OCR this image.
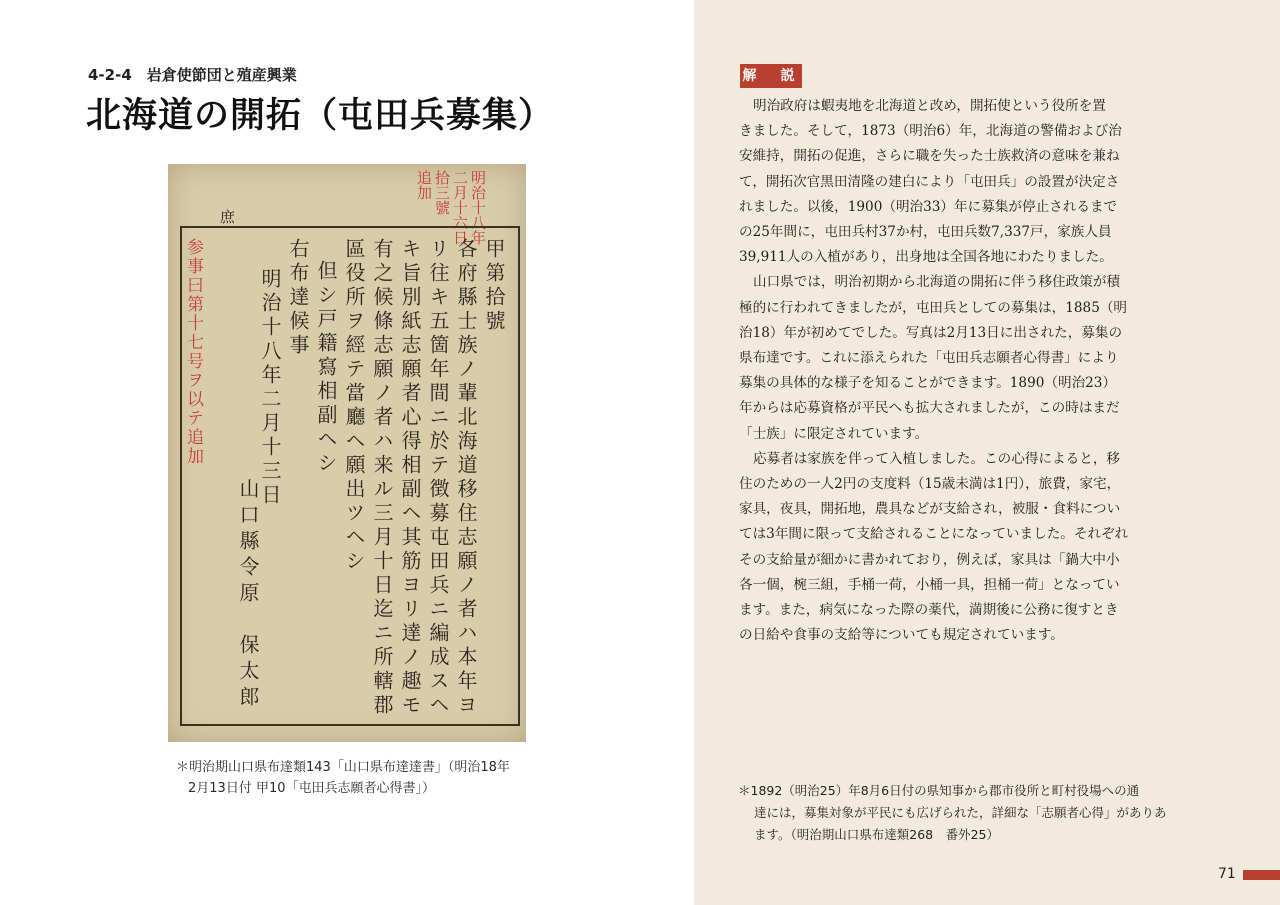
4-2-4　岩倉使節団と殖産興業
北海道の開拓（屯田兵募集）
庶	明治十八年
二月十六日
拾三號
追加
参事曰第十七号ヲ以テ追加	甲第拾號
各府縣士族ノ輩北海道移住志願ノ者ハ本年ヨ
リ往キ五箇年間ニ於テ徴募屯田兵ニ編成スヘ
キ旨別紙志願者心得相副ヘ其筋ヨリ達ノ趣モ
有之候條志願ノ者ハ来ル三月十日迄ニ所轄郡
區役所ヲ經テ當廳ヘ願出ツヘシ
但シ戸籍寫相副ヘシ
右布達候事
明治十八年二月十三日
山口縣令原　保太郎
＊明治期山口県布達類143「山口県布達達書」（明治18年
2月13日付 甲10「屯田兵志願者心得書」）
解　説

明治政府は蝦夷地を北海道と改め，開拓使という役所を置

きました。そして，1873（明治6）年，北海道の警備および治

安維持，開拓の促進，さらに職を失った士族救済の意味を兼ね

て，開拓次官黒田清隆の建白により「屯田兵」の設置が決定さ

れました。以後，1900（明治33）年に募集が停止されるまで

の25年間に，屯田兵村37か村，屯田兵数7,337戸，家族人員

39,911人の入植があり，出身地は全国各地にわたりました。

山口県では，明治初期から北海道の開拓に伴う移住政策が積

極的に行われてきましたが，屯田兵としての募集は，1885（明

治18）年が初めてでした。写真は2月13日に出された，募集の

県布達です。これに添えられた「屯田兵志願者心得書」により

募集の具体的な様子を知ることができます。1890（明治23）

年からは応募資格が平民へも拡大されましたが，この時はまだ

「士族」に限定されています。

応募者は家族を伴って入植しました。この心得によると，移

住のための一人2円の支度料（15歳未満は1円），旅費，家宅，

家具，夜具，開拓地，農具などが支給され，被服・食料につい

ては3年間に限って支給されることになっていました。それぞれ

その支給量が細かに書かれており，例えば，家具は「鍋大中小

各一個，椀三組，手桶一荷，小桶一具，担桶一荷」となってい

ます。また，病気になった際の薬代，満期後に公務に復すとき

の日給や食事の支給等についても規定されています。

＊1892（明治25）年8月6日付の県知事から郡市役所と町村役場への通

達には，募集対象が平民にも広げられた，詳細な「志願者心得」がありあ

ます。（明治期山口県布達類268　番外25）

71
